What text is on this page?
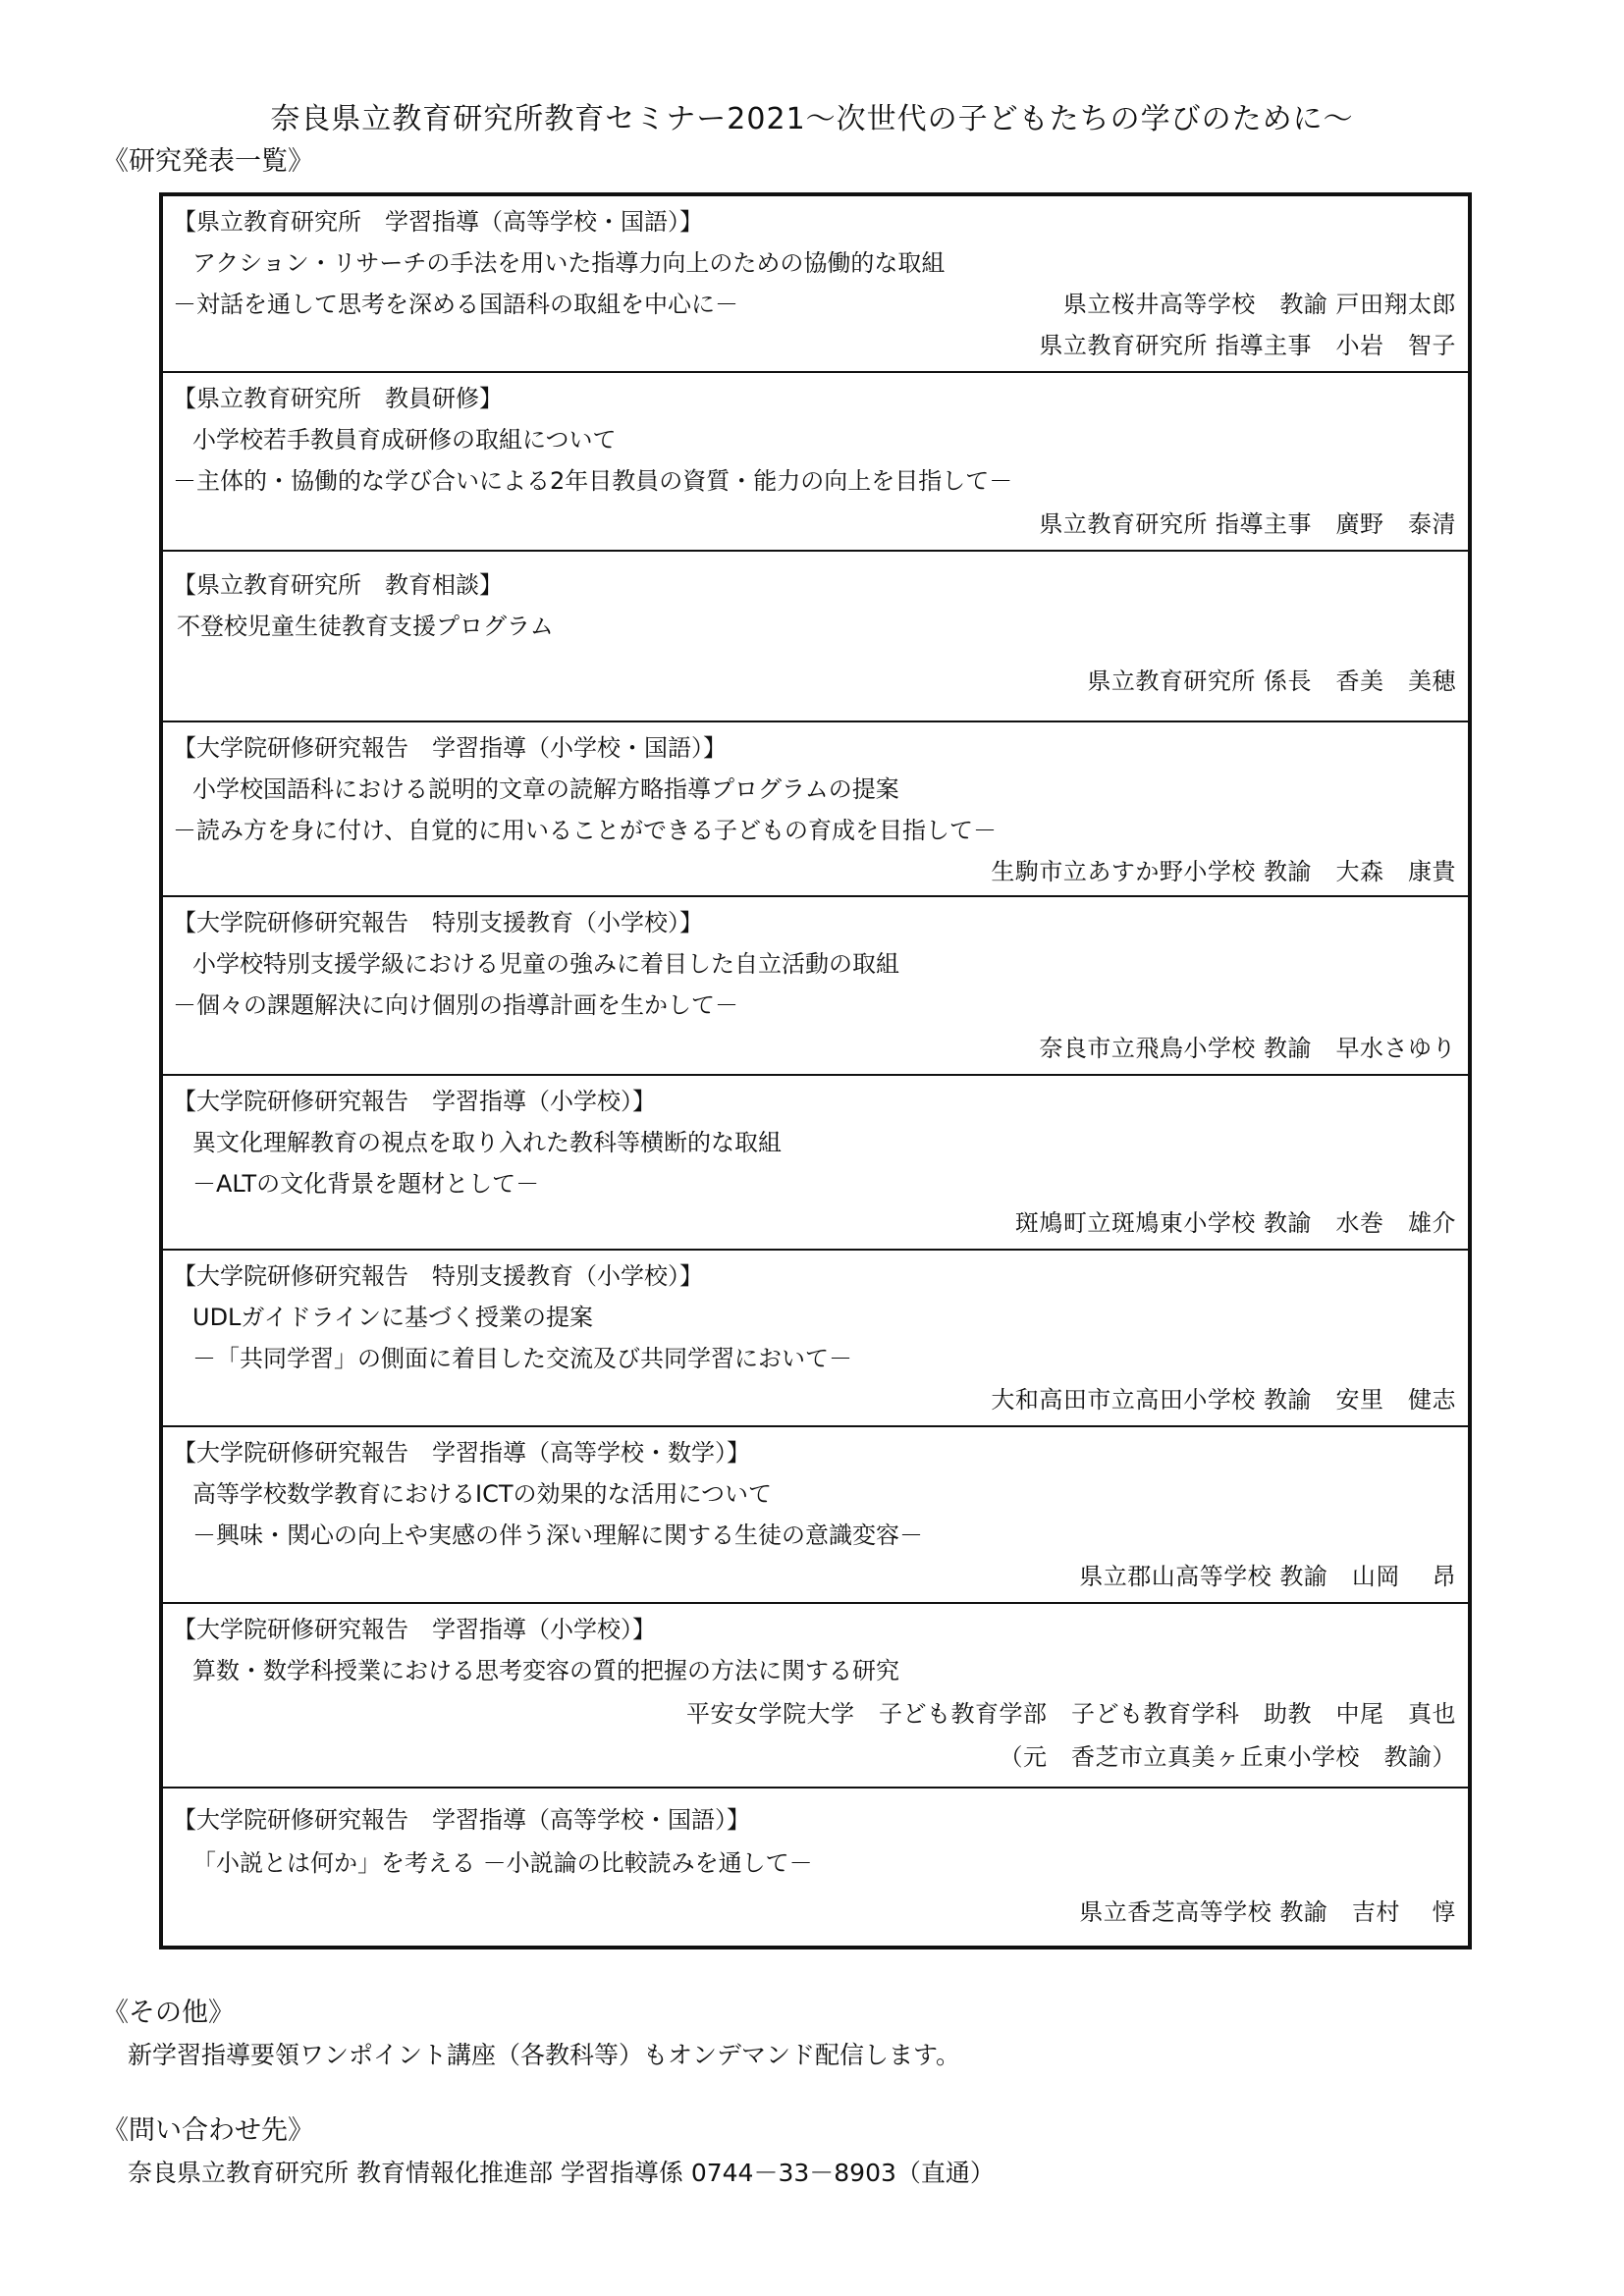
奈良県立教育研究所教育セミナー2021～次世代の子どもたちの学びのために～
《研究発表一覧》
【県立教育研究所　学習指導（高等学校・国語）】
アクション・リサーチの手法を用いた指導力向上のための協働的な取組
－対話を通して思考を深める国語科の取組を中心に－	県立桜井高等学校　教諭 戸田翔太郎
県立教育研究所 指導主事　小岩　智子
【県立教育研究所　教員研修】
小学校若手教員育成研修の取組について
－主体的・協働的な学び合いによる2年目教員の資質・能力の向上を目指して－
県立教育研究所 指導主事　廣野　泰清
【県立教育研究所　教育相談】
不登校児童生徒教育支援プログラム
県立教育研究所 係長　香美　美穂
【大学院研修研究報告　学習指導（小学校・国語）】
小学校国語科における説明的文章の読解方略指導プログラムの提案
－読み方を身に付け、自覚的に用いることができる子どもの育成を目指して－
生駒市立あすか野小学校 教諭　大森　康貴
【大学院研修研究報告　特別支援教育（小学校）】
小学校特別支援学級における児童の強みに着目した自立活動の取組
－個々の課題解決に向け個別の指導計画を生かして－
奈良市立飛鳥小学校 教諭　早水さゆり
【大学院研修研究報告　学習指導（小学校）】
異文化理解教育の視点を取り入れた教科等横断的な取組
－ALTの文化背景を題材として－
斑鳩町立斑鳩東小学校 教諭　水巻　雄介
【大学院研修研究報告　特別支援教育（小学校）】
UDLガイドラインに基づく授業の提案
－「共同学習」の側面に着目した交流及び共同学習において－
大和高田市立高田小学校 教諭　安里　健志
【大学院研修研究報告　学習指導（高等学校・数学）】
高等学校数学教育におけるICTの効果的な活用について
－興味・関心の向上や実感の伴う深い理解に関する生徒の意識変容－
県立郡山高等学校 教諭　山岡　 昂
【大学院研修研究報告　学習指導（小学校）】
算数・数学科授業における思考変容の質的把握の方法に関する研究
平安女学院大学　子ども教育学部　子ども教育学科　助教　中尾　真也
（元　香芝市立真美ヶ丘東小学校　教諭）
【大学院研修研究報告　学習指導（高等学校・国語）】
「小説とは何か」を考える －小説論の比較読みを通して－
県立香芝高等学校 教諭　吉村　 惇
《その他》
新学習指導要領ワンポイント講座（各教科等）もオンデマンド配信します。
《問い合わせ先》
奈良県立教育研究所 教育情報化推進部 学習指導係 0744－33－8903（直通）
